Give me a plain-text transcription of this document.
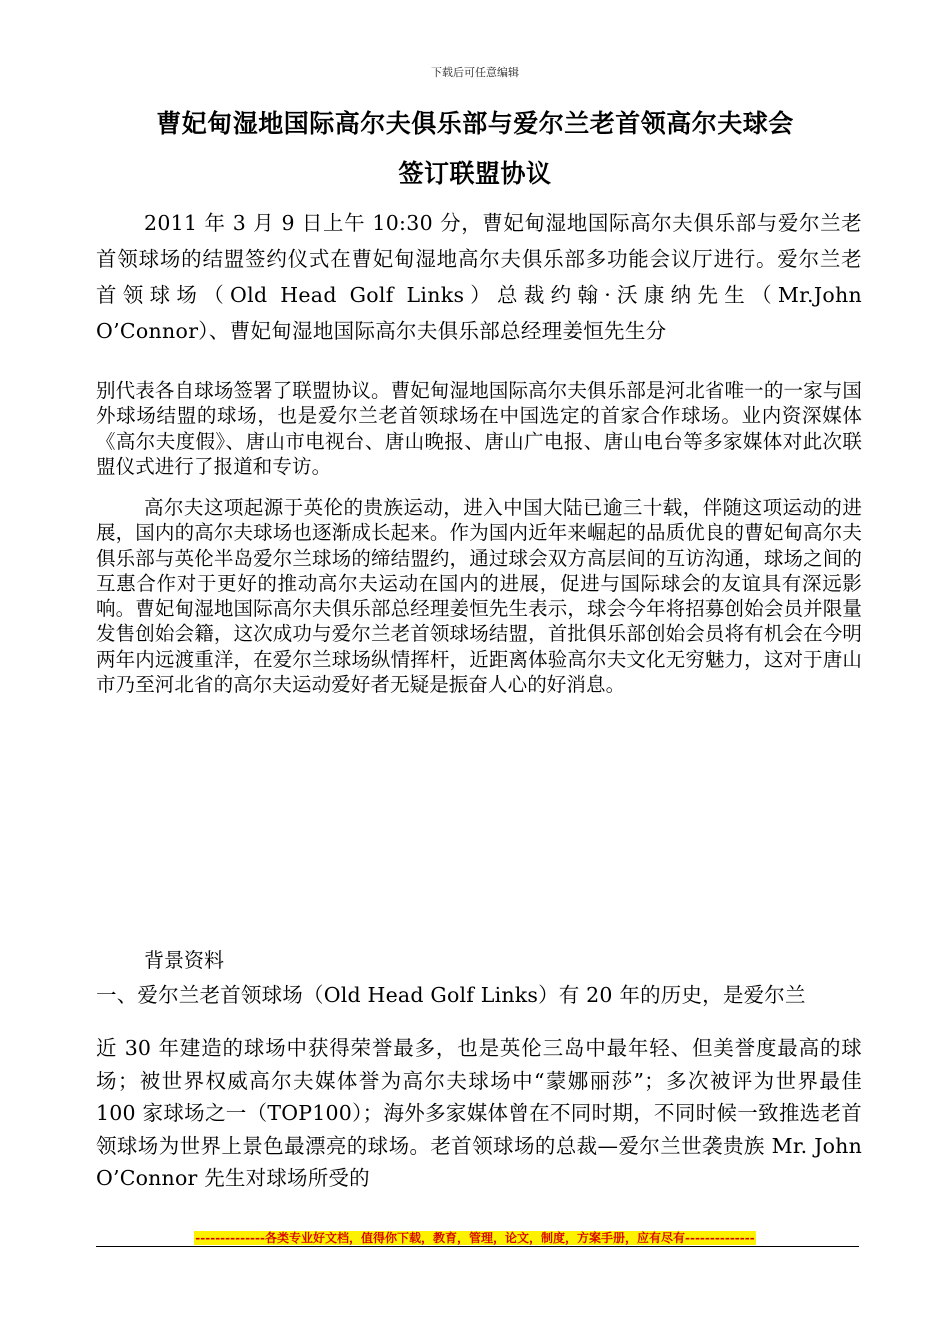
下载后可任意编辑
曹妃甸湿地国际高尔夫俱乐部与爱尔兰老首领高尔夫球会
签订联盟协议

2011 年 3 月 9 日上午 10:30 分，曹妃甸湿地国际高尔夫俱乐部与爱尔兰老首领球场的结盟签约仪式在曹妃甸湿地高尔夫俱乐部多功能会议厅进行。爱尔兰老首领球场（Old Head Golf Links）总裁约翰·沃康纳先生（Mr.John O’Connor）、曹妃甸湿地国际高尔夫俱乐部总经理姜恒先生分

别代表各自球场签署了联盟协议。曹妃甸湿地国际高尔夫俱乐部是河北省唯一的一家与国外球场结盟的球场，也是爱尔兰老首领球场在中国选定的首家合作球场。业内资深媒体《高尔夫度假》、唐山市电视台、唐山晚报、唐山广电报、唐山电台等多家媒体对此次联盟仪式进行了报道和专访。

高尔夫这项起源于英伦的贵族运动，进入中国大陆已逾三十载，伴随这项运动的进展，国内的高尔夫球场也逐渐成长起来。作为国内近年来崛起的品质优良的曹妃甸高尔夫俱乐部与英伦半岛爱尔兰球场的缔结盟约，通过球会双方高层间的互访沟通，球场之间的互惠合作对于更好的推动高尔夫运动在国内的进展，促进与国际球会的友谊具有深远影响。曹妃甸湿地国际高尔夫俱乐部总经理姜恒先生表示，球会今年将招募创始会员并限量发售创始会籍，这次成功与爱尔兰老首领球场结盟，首批俱乐部创始会员将有机会在今明两年内远渡重洋，在爱尔兰球场纵情挥杆，近距离体验高尔夫文化无穷魅力，这对于唐山市乃至河北省的高尔夫运动爱好者无疑是振奋人心的好消息。

背景资料

一、爱尔兰老首领球场（Old Head Golf Links）有 20 年的历史，是爱尔兰

近 30 年建造的球场中获得荣誉最多，也是英伦三岛中最年轻、但美誉度最高的球场；被世界权威高尔夫媒体誉为高尔夫球场中“蒙娜丽莎”；多次被评为世界最佳 100 家球场之一（TOP100）；海外多家媒体曾在不同时期，不同时候一致推选老首领球场为世界上景色最漂亮的球场。老首领球场的总裁—爱尔兰世袭贵族 Mr. John O’Connor 先生对球场所受的

--------------各类专业好文档，值得你下载，教育，管理，论文，制度，方案手册，应有尽有--------------
